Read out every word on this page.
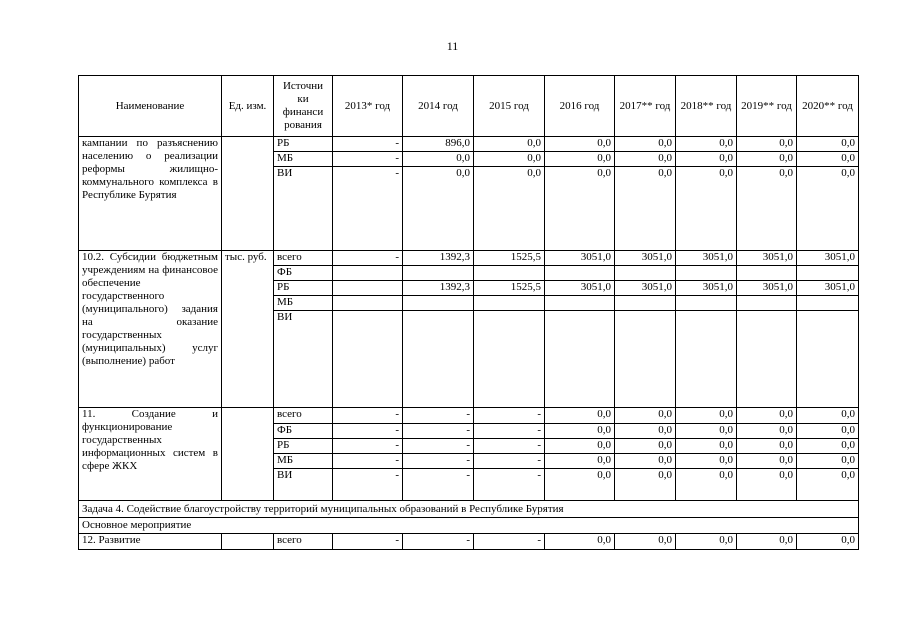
11
Наименование	Ед. изм.	Источни ки финанси рования	2013* год	2014 год	2015 год	2016 год	2017** год	2018** год	2019** год	2020** год
кампании по разъяснению населению о реализации реформы жилищно-коммунального комплекса в Республике Бурятия		РБ	-	896,0	0,0	0,0	0,0	0,0	0,0	0,0
		МБ	-	0,0	0,0	0,0	0,0	0,0	0,0	0,0
		ВИ	-	0,0	0,0	0,0	0,0	0,0	0,0	0,0
10.2. Субсидии бюджетным учреждениям на финансовое обеспечение государственного (муниципального) задания на оказание государственных (муниципальных) услуг (выполнение) работ	тыс. руб.	всего	-	1392,3	1525,5	3051,0	3051,0	3051,0	3051,0	3051,0
		ФБ								
		РБ		1392,3	1525,5	3051,0	3051,0	3051,0	3051,0	3051,0
		МБ								
		ВИ								
11. Создание и функционирование государственных информационных систем в сфере ЖКХ		всего	-	-	-	0,0	0,0	0,0	0,0	0,0
		ФБ	-	-	-	0,0	0,0	0,0	0,0	0,0
		РБ	-	-	-	0,0	0,0	0,0	0,0	0,0
		МБ	-	-	-	0,0	0,0	0,0	0,0	0,0
		ВИ	-	-	-	0,0	0,0	0,0	0,0	0,0
Задача 4. Содействие благоустройству территорий муниципальных образований в Республике Бурятия										
Основное мероприятие										
12. Развитие		всего	-	-	-	0,0	0,0	0,0	0,0	0,0
